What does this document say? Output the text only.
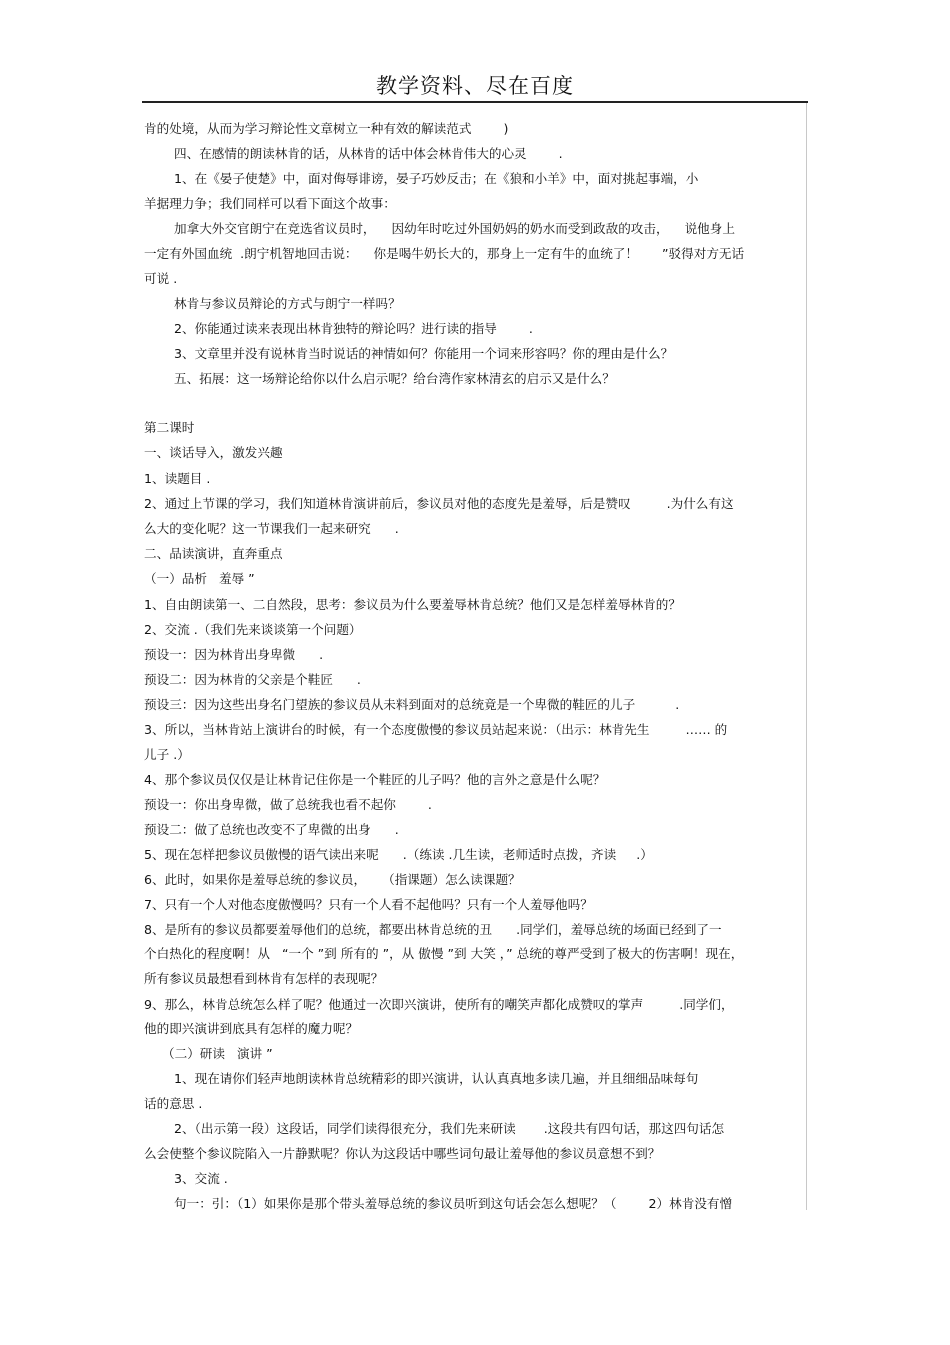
教学资料、尽在百度
肯的处境，从而为学习辩论性文章树立一种有效的解读范式        )
四、在感情的朗读林肯的话，从林肯的话中体会林肯伟大的心灵        .
1、在《晏子使楚》中，面对侮辱诽谤，晏子巧妙反击；在《狼和小羊》中，面对挑起事端，小
羊据理力争；我们同样可以看下面这个故事：
加拿大外交官朗宁在竞选省议员时，    因幼年时吃过外国奶妈的奶水而受到政敌的攻击，    说他身上
一定有外国血统  .朗宁机智地回击说：    你是喝牛奶长大的，那身上一定有牛的血统了！      ”驳得对方无话
可说 .
林肯与参议员辩论的方式与朗宁一样吗？
2、你能通过读来表现出林肯独特的辩论吗？进行读的指导        .
3、文章里并没有说林肯当时说话的神情如何？你能用一个词来形容吗？你的理由是什么？
五、拓展：这一场辩论给你以什么启示呢？给台湾作家林清玄的启示又是什么？
第二课时
一、谈话导入，激发兴趣
1、读题目 .
2、通过上节课的学习，我们知道林肯演讲前后，参议员对他的态度先是羞辱，后是赞叹         .为什么有这
么大的变化呢？这一节课我们一起来研究      .
二、品读演讲，直奔重点
（一）品析   羞辱 ”
1、自由朗读第一、二自然段，思考：参议员为什么要羞辱林肯总统？他们又是怎样羞辱林肯的？
2、交流 .（我们先来谈谈第一个问题）
预设一：因为林肯出身卑微      .
预设二：因为林肯的父亲是个鞋匠      .
预设三：因为这些出身名门望族的参议员从未料到面对的总统竟是一个卑微的鞋匠的儿子          .
3、所以，当林肯站上演讲台的时候，有一个态度傲慢的参议员站起来说：（出示：林肯先生         …… 的
儿子 .）
4、那个参议员仅仅是让林肯记住你是一个鞋匠的儿子吗？他的言外之意是什么呢？
预设一：你出身卑微，做了总统我也看不起你        .
预设二：做了总统也改变不了卑微的出身      .
5、现在怎样把参议员傲慢的语气读出来呢      .（练读 .几生读，老师适时点拨，齐读     .）
6、此时，如果你是羞辱总统的参议员，    （指课题）怎么读课题？
7、只有一个人对他态度傲慢吗？只有一个人看不起他吗？只有一个人羞辱他吗？
8、是所有的参议员都要羞辱他们的总统，都要出林肯总统的丑      .同学们，羞辱总统的场面已经到了一
个白热化的程度啊！从   “一个 ”到 所有的 ”，从 傲慢 ”到 大笑 ，” 总统的尊严受到了极大的伤害啊！现在，
所有参议员最想看到林肯有怎样的表现呢？
9、那么，林肯总统怎么样了呢？他通过一次即兴演讲，使所有的嘲笑声都化成赞叹的掌声         .同学们，
他的即兴演讲到底具有怎样的魔力呢？
（二）研读   演讲 ”
1、现在请你们轻声地朗读林肯总统精彩的即兴演讲，认认真真地多读几遍，并且细细品味每句
话的意思 .
2、（出示第一段）这段话，同学们读得很充分，我们先来研读       .这段共有四句话，那这四句话怎
么会使整个参议院陷入一片静默呢？你认为这段话中哪些词句最让羞辱他的参议员意想不到？
3、交流 .
句一：引：（1）如果你是那个带头羞辱总统的参议员听到这句话会怎么想呢？（        2）林肯没有憎
